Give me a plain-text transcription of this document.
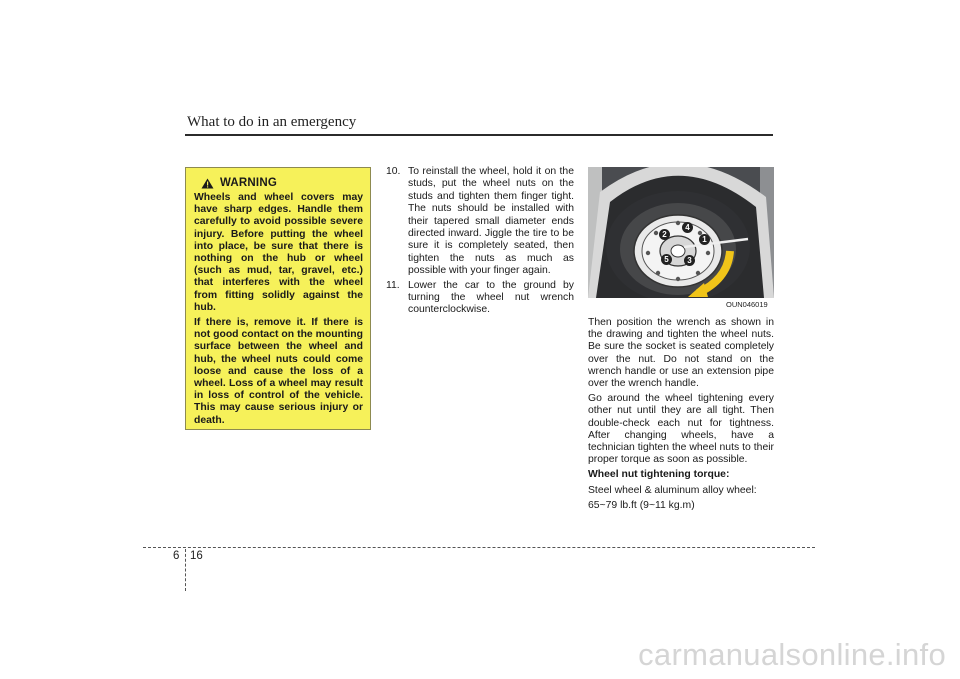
What to do in an emergency
WARNING

Wheels and wheel covers may have sharp edges. Handle them carefully to avoid possible severe injury. Before putting the wheel into place, be sure that there is nothing on the hub or wheel (such as mud, tar, gravel, etc.) that interferes with the wheel from fitting solidly against the hub.

If there is, remove it. If there is not good contact on the mounting surface between the wheel and hub, the wheel nuts could come loose and cause the loss of a wheel. Loss of a wheel may result in loss of control of the vehicle. This may cause serious injury or death.

10. To reinstall the wheel, hold it on the studs, put the wheel nuts on the studs and tighten them finger tight. The nuts should be installed with their tapered small diameter ends directed inward. Jiggle the tire to be sure it is completely seated, then tighten the nuts as much as possible with your finger again.
11. Lower the car to the ground by turning the wheel nut wrench counterclockwise.
1
2
3
4
5
OUN046019

Then position the wrench as shown in the drawing and tighten the wheel nuts. Be sure the socket is seated completely over the nut. Do not stand on the wrench handle or use an extension pipe over the wrench handle.

Go around the wheel tightening every other nut until they are all tight. Then double-check each nut for tightness. After changing wheels, have a technician tighten the wheel nuts to their proper torque as soon as possible.

Wheel nut tightening torque:

Steel wheel & aluminum alloy wheel:

65~79 lb.ft (9~11 kg.m)

6 16
carmanualsonline.info
